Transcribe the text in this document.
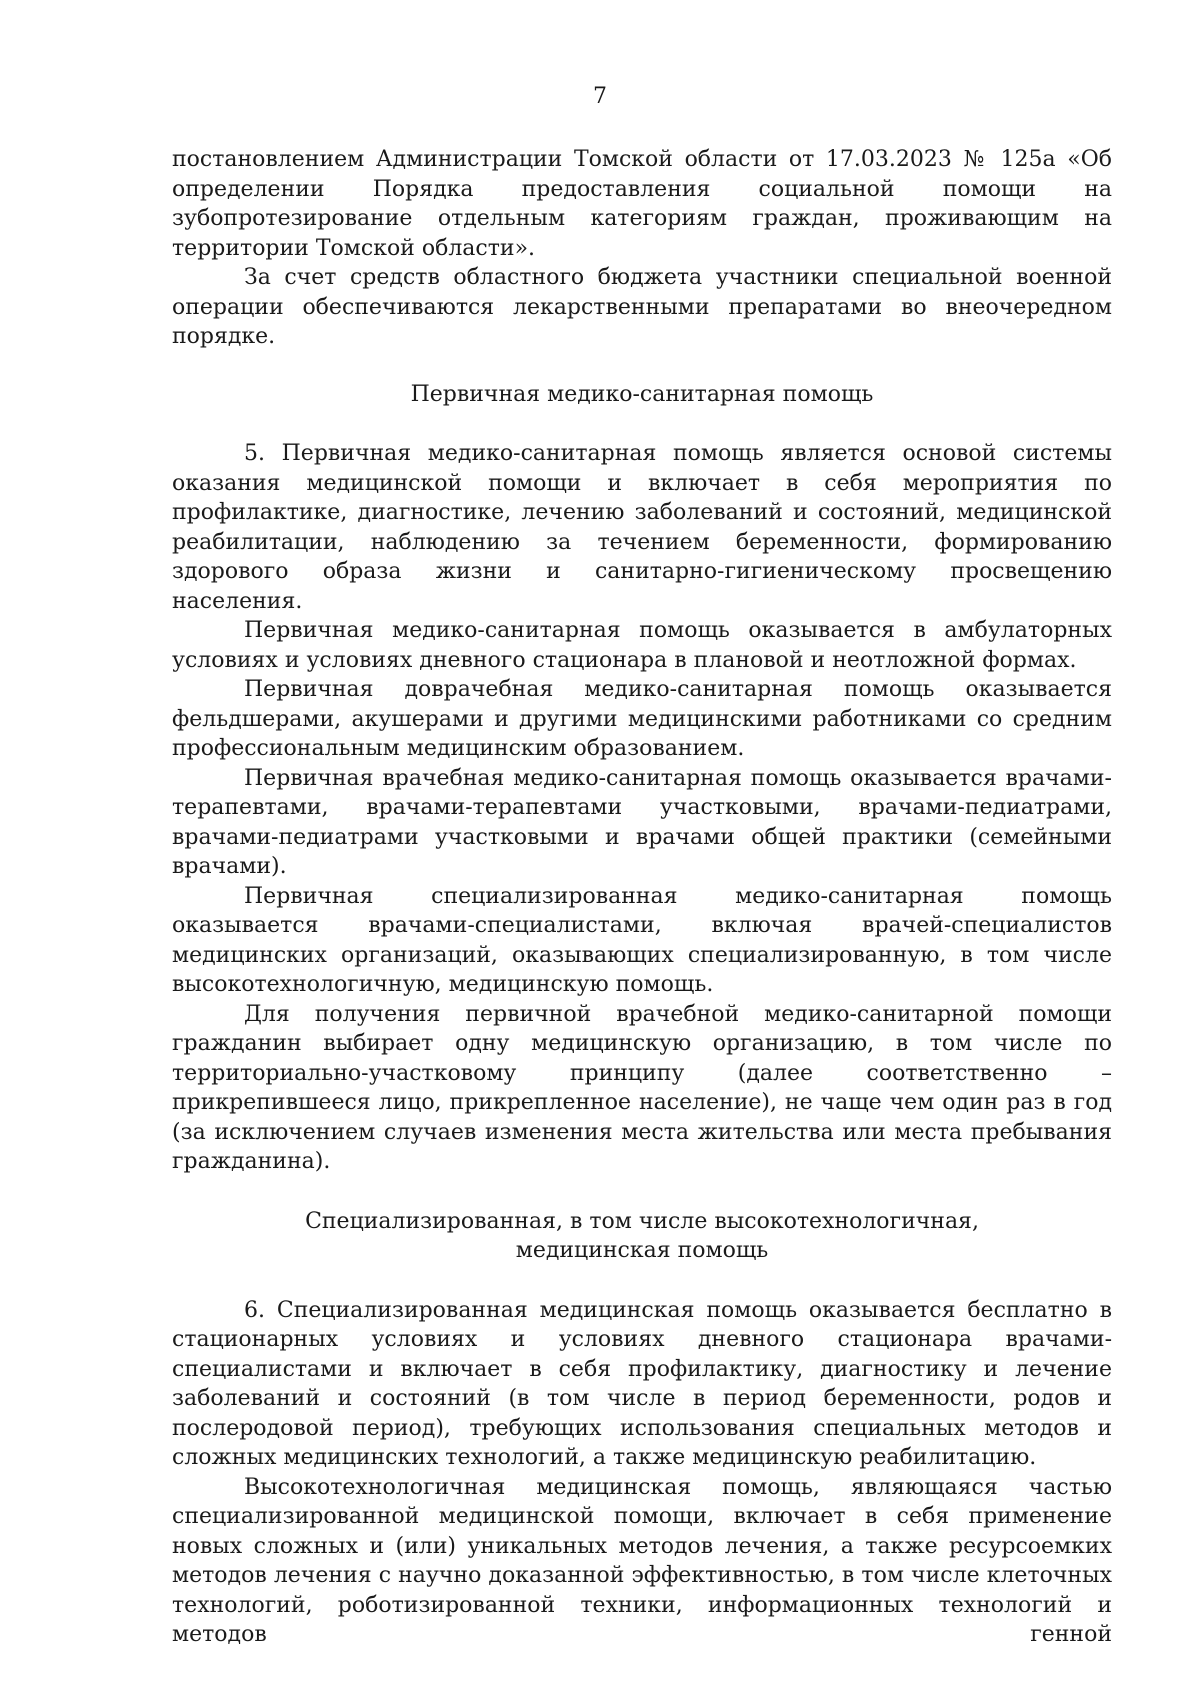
7

постановлением Администрации Томской области от 17.03.2023 № 125а «Об определении Порядка предоставления социальной помощи на зубопротезирование отдельным категориям граждан, проживающим на территории Томской области».

За счет средств областного бюджета участники специальной военной операции обеспечиваются лекарственными препаратами во внеочередном порядке.

Первичная медико-санитарная помощь

5. Первичная медико-санитарная помощь является основой системы оказания медицинской помощи и включает в себя мероприятия по профилактике, диагностике, лечению заболеваний и состояний, медицинской реабилитации, наблюдению за течением беременности, формированию здорового образа жизни и санитарно-гигиеническому просвещению населения.

Первичная медико-санитарная помощь оказывается в амбулаторных условиях и условиях дневного стационара в плановой и неотложной формах.

Первичная доврачебная медико-санитарная помощь оказывается фельдшерами, акушерами и другими медицинскими работниками со средним профессиональным медицинским образованием.

Первичная врачебная медико-санитарная помощь оказывается врачами-терапевтами, врачами-терапевтами участковыми, врачами-педиатрами, врачами-педиатрами участковыми и врачами общей практики (семейными врачами).

Первичная специализированная медико-санитарная помощь оказывается врачами-специалистами, включая врачей-специалистов медицинских организаций, оказывающих специализированную, в том числе высокотехнологичную, медицинскую помощь.

Для получения первичной врачебной медико-санитарной помощи гражданин выбирает одну медицинскую организацию, в том числе по территориально-участковому принципу (далее соответственно – прикрепившееся лицо, прикрепленное население), не чаще чем один раз в год (за исключением случаев изменения места жительства или места пребывания гражданина).

Специализированная, в том числе высокотехнологичная,
медицинская помощь

6. Специализированная медицинская помощь оказывается бесплатно в стационарных условиях и условиях дневного стационара врачами-специалистами и включает в себя профилактику, диагностику и лечение заболеваний и состояний (в том числе в период беременности, родов и послеродовой период), требующих использования специальных методов и сложных медицинских технологий, а также медицинскую реабилитацию.

Высокотехнологичная медицинская помощь, являющаяся частью специализированной медицинской помощи, включает в себя применение новых сложных и (или) уникальных методов лечения, а также ресурсоемких методов лечения с научно доказанной эффективностью, в том числе клеточных технологий, роботизированной техники, информационных технологий и методов генной
